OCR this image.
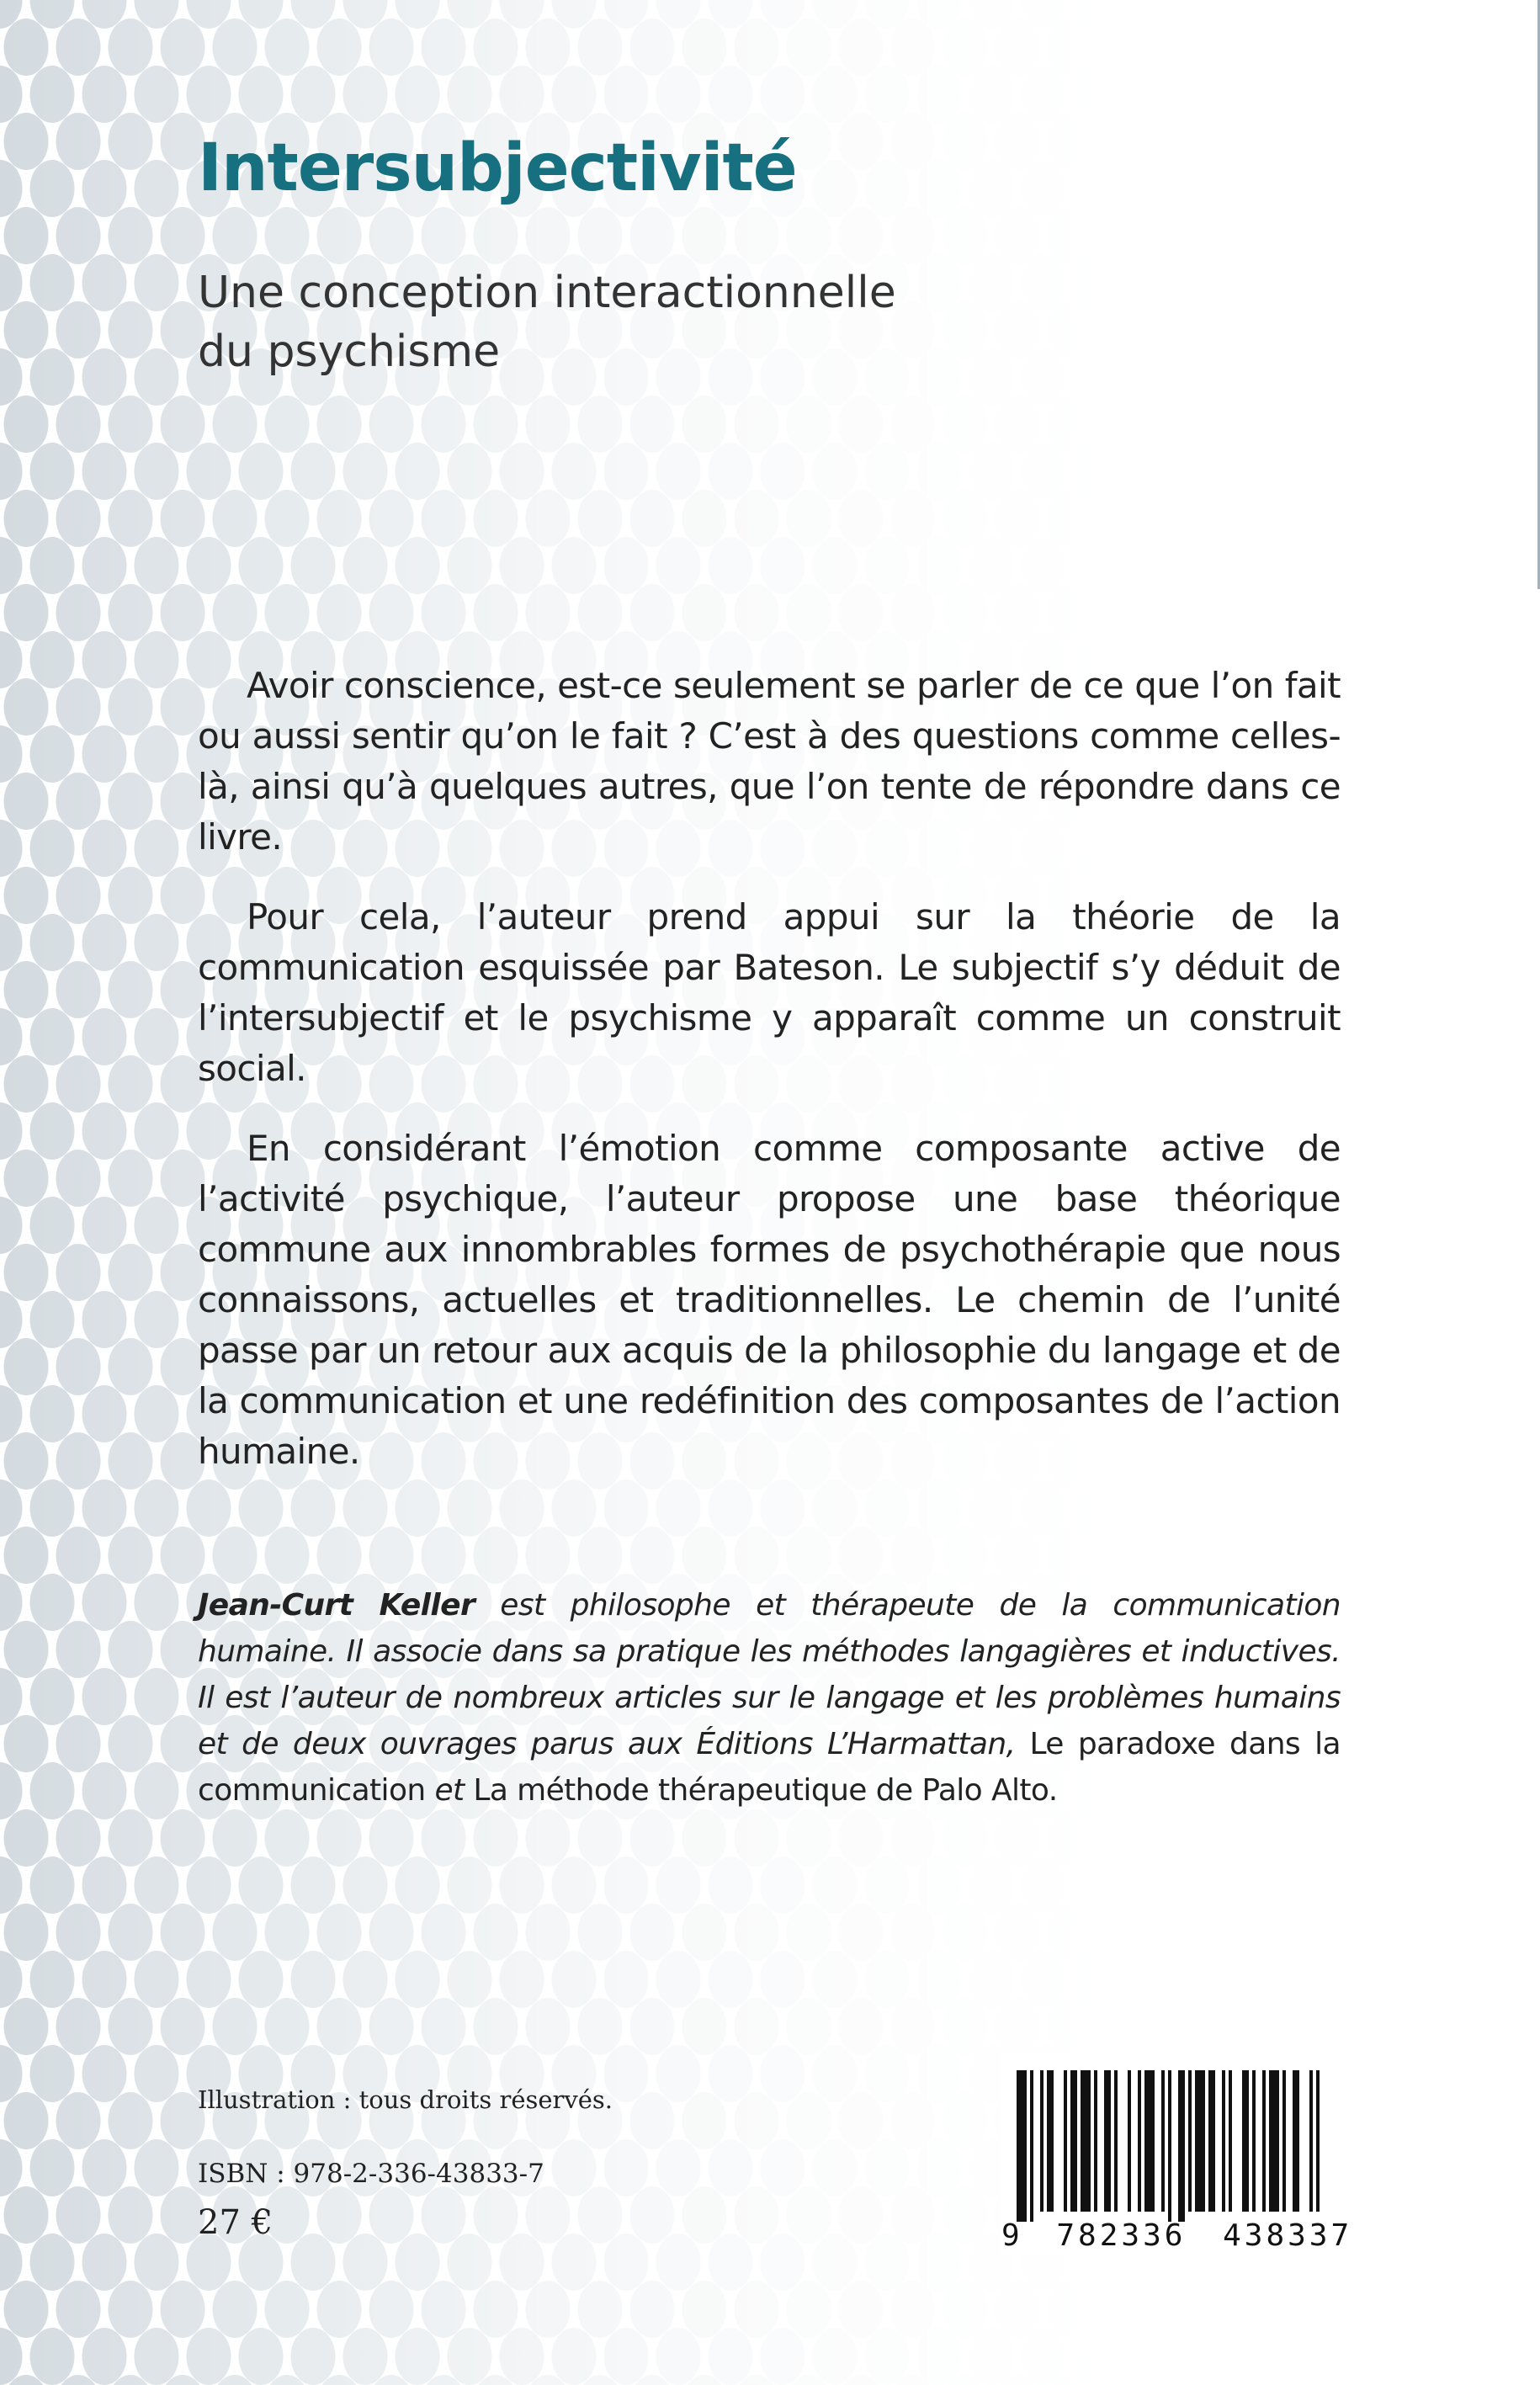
Intersubjectivité
Une conception interactionnelle
du psychisme

Avoir conscience, est-ce seulement se parler de ce que l’on fait ou aussi sentir qu’on le fait ? C’est à des questions comme celles-là, ainsi qu’à quelques autres, que l’on tente de répondre dans ce livre.

Pour cela, l’auteur prend appui sur la théorie de la communication esquissée par Bateson. Le subjectif s’y déduit de l’intersubjectif et le psychisme y apparaît comme un construit social.

En considérant l’émotion comme composante active de l’activité psychique, l’auteur propose une base théorique commune aux innombrables formes de psychothérapie que nous connaissons, actuelles et traditionnelles. Le chemin de l’unité passe par un retour aux acquis de la philosophie du langage et de la communication et une redéfinition des composantes de l’action humaine.

Jean-Curt Keller est philosophe et thérapeute de la communication humaine. Il associe dans sa pratique les méthodes langagières et inductives. Il est l’auteur de nombreux articles sur le langage et les problèmes humains et de deux ouvrages parus aux Éditions L’Harmattan, Le paradoxe dans la communication et La méthode thérapeutique de Palo Alto.

Illustration : tous droits réservés.

ISBN : 978-2-336-43833-7

27 €	9 782336 438337
